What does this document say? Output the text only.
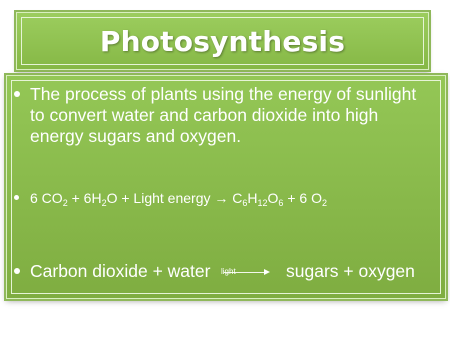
Photosynthesis
The process of plants using the energy of sunlight to convert water and carbon dioxide into high energy sugars and oxygen.
6 $CO_2 + 6H_2O$ + Light energy → $C_6H_{12}O_6 + 6$ $O_2$
Carbon dioxide + water	sugars + oxygen
light
